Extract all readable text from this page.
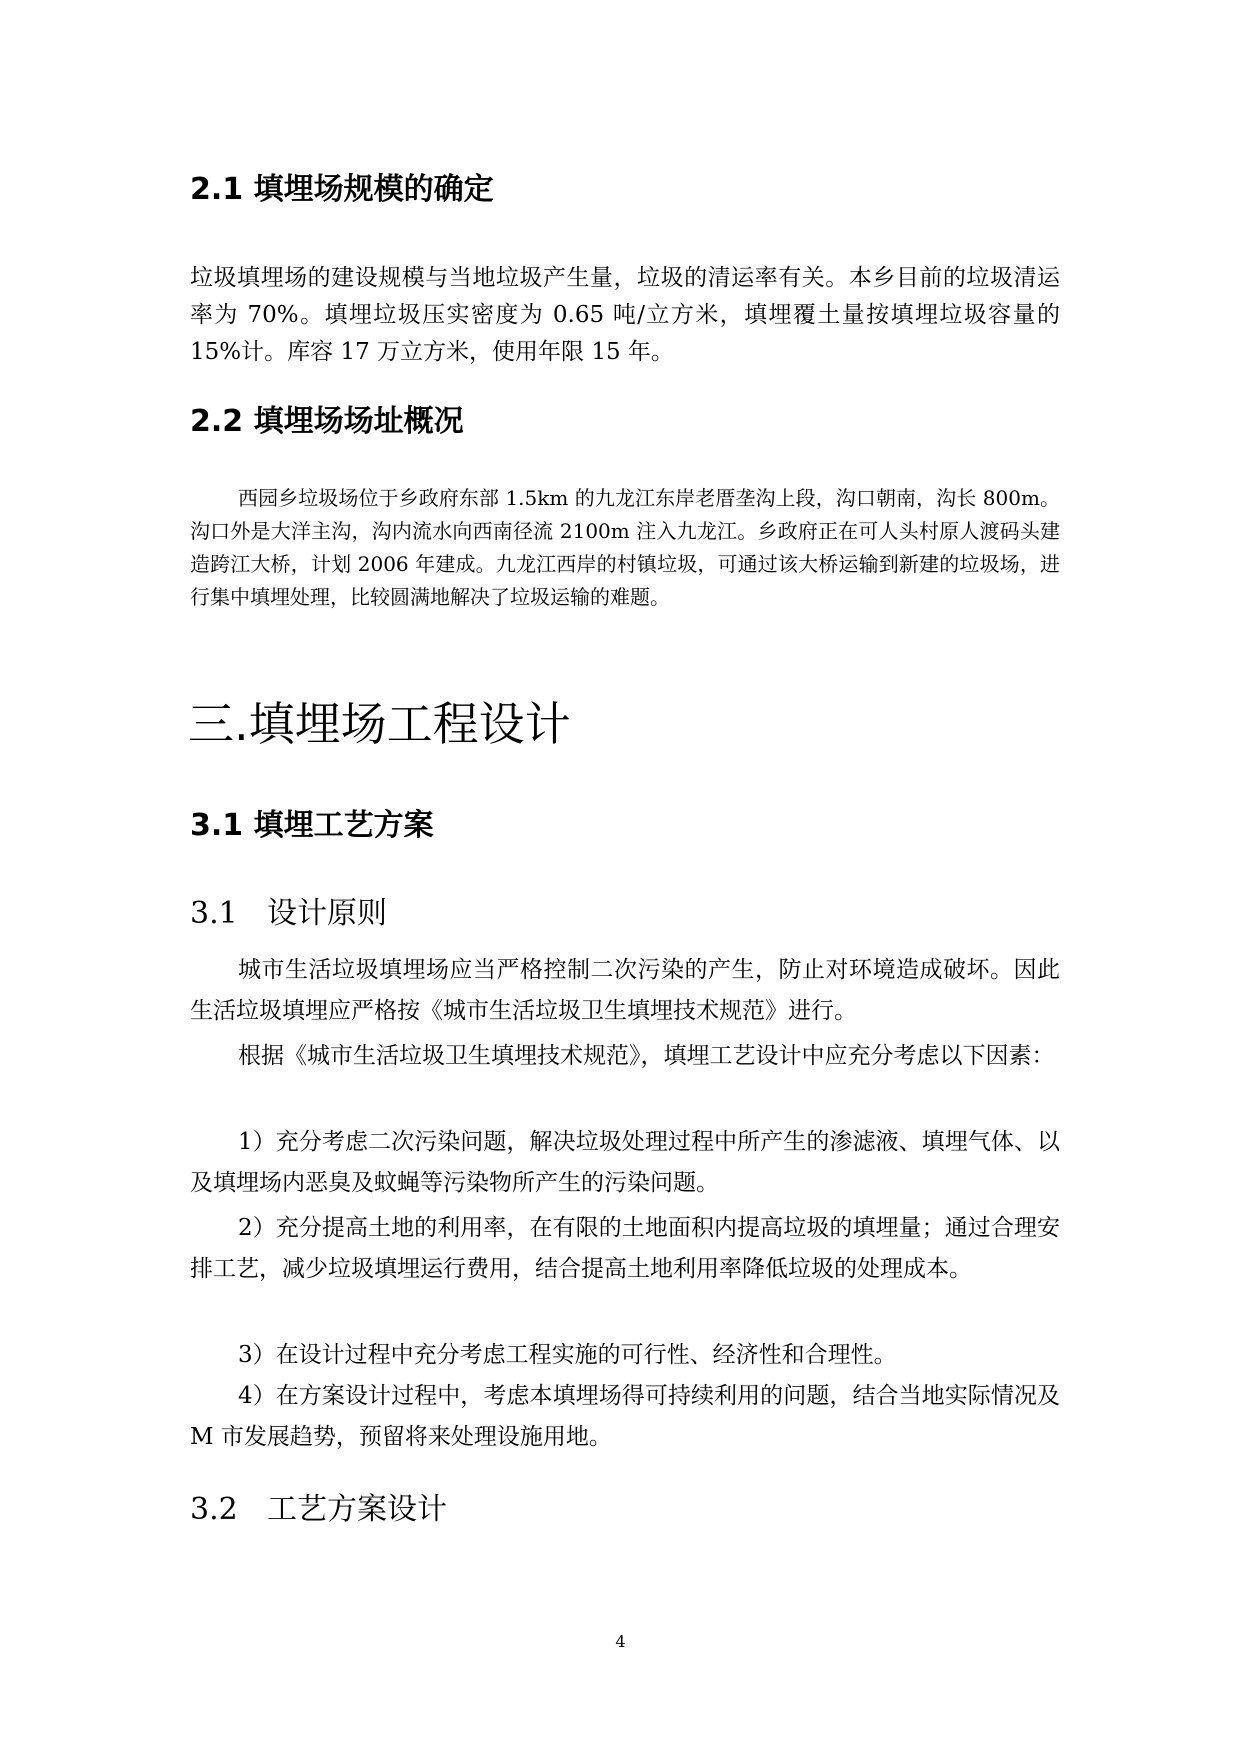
2.1 填埋场规模的确定

垃圾填埋场的建设规模与当地垃圾产生量，垃圾的清运率有关。本乡目前的垃圾清运率为 70%。填埋垃圾压实密度为 0.65 吨/立方米，填埋覆土量按填埋垃圾容量的 15%计。库容 17 万立方米，使用年限 15 年。

2.2 填埋场场址概况

西园乡垃圾场位于乡政府东部 1.5km 的九龙江东岸老厝垄沟上段，沟口朝南，沟长 800m。沟口外是大洋主沟，沟内流水向西南径流 2100m 注入九龙江。乡政府正在可人头村原人渡码头建造跨江大桥，计划 2006 年建成。九龙江西岸的村镇垃圾，可通过该大桥运输到新建的垃圾场，进行集中填埋处理，比较圆满地解决了垃圾运输的难题。

三.填埋场工程设计
3.1 填埋工艺方案
3.1 设计原则

城市生活垃圾填埋场应当严格控制二次污染的产生，防止对环境造成破坏。因此生活垃圾填埋应严格按《城市生活垃圾卫生填埋技术规范》进行。

根据《城市生活垃圾卫生填埋技术规范》，填埋工艺设计中应充分考虑以下因素：

1）充分考虑二次污染问题，解决垃圾处理过程中所产生的渗滤液、填埋气体、以及填埋场内恶臭及蚊蝇等污染物所产生的污染问题。

2）充分提高土地的利用率，在有限的土地面积内提高垃圾的填埋量；通过合理安排工艺，减少垃圾填埋运行费用，结合提高土地利用率降低垃圾的处理成本。

3）在设计过程中充分考虑工程实施的可行性、经济性和合理性。

4）在方案设计过程中，考虑本填埋场得可持续利用的问题，结合当地实际情况及 M 市发展趋势，预留将来处理设施用地。

3.2 工艺方案设计

4
